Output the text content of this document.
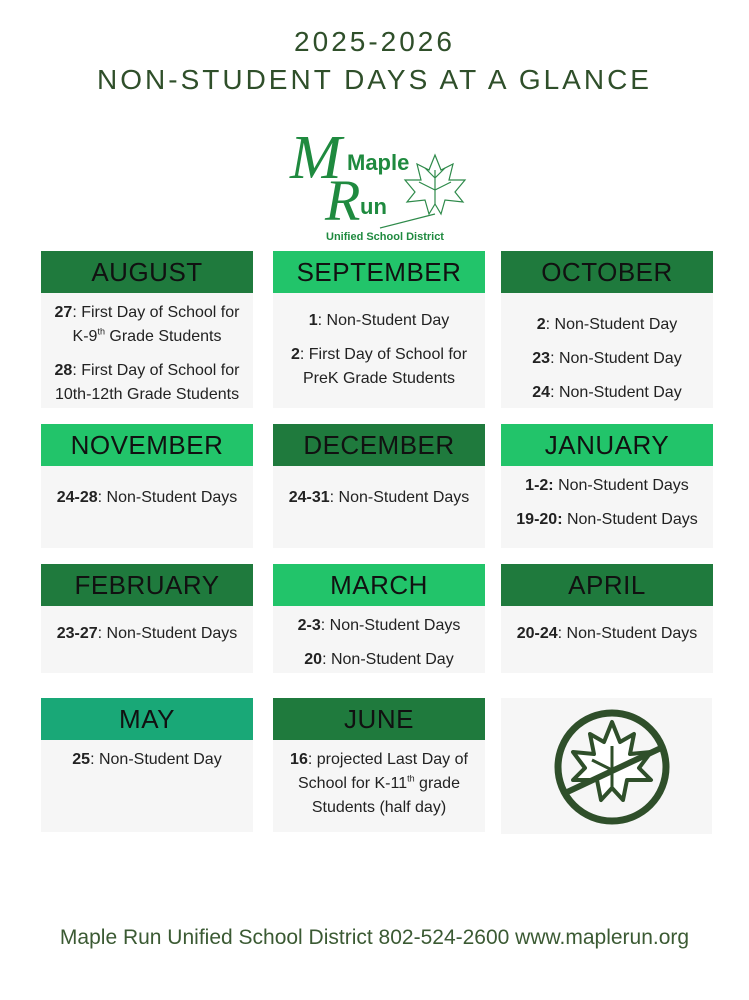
2025-2026
NON-STUDENT DAYS AT A GLANCE
M Maple
R un
Unified School District
AUGUST
27: First Day of School for K-9th Grade Students
28: First Day of School for 10th-12th Grade Students
SEPTEMBER
1: Non-Student Day
2: First Day of School for PreK Grade Students
OCTOBER
2: Non-Student Day
23: Non-Student Day
24: Non-Student Day
NOVEMBER
24-28: Non-Student Days
DECEMBER
24-31: Non-Student Days
JANUARY
1-2: Non-Student Days
19-20: Non-Student Days
FEBRUARY
23-27: Non-Student Days
MARCH
2-3: Non-Student Days
20: Non-Student Day
APRIL
20-24: Non-Student Days
MAY
25: Non-Student Day
JUNE
16: projected Last Day of School for K-11th grade Students (half day)
Maple Run Unified School District 802-524-2600 www.maplerun.org
